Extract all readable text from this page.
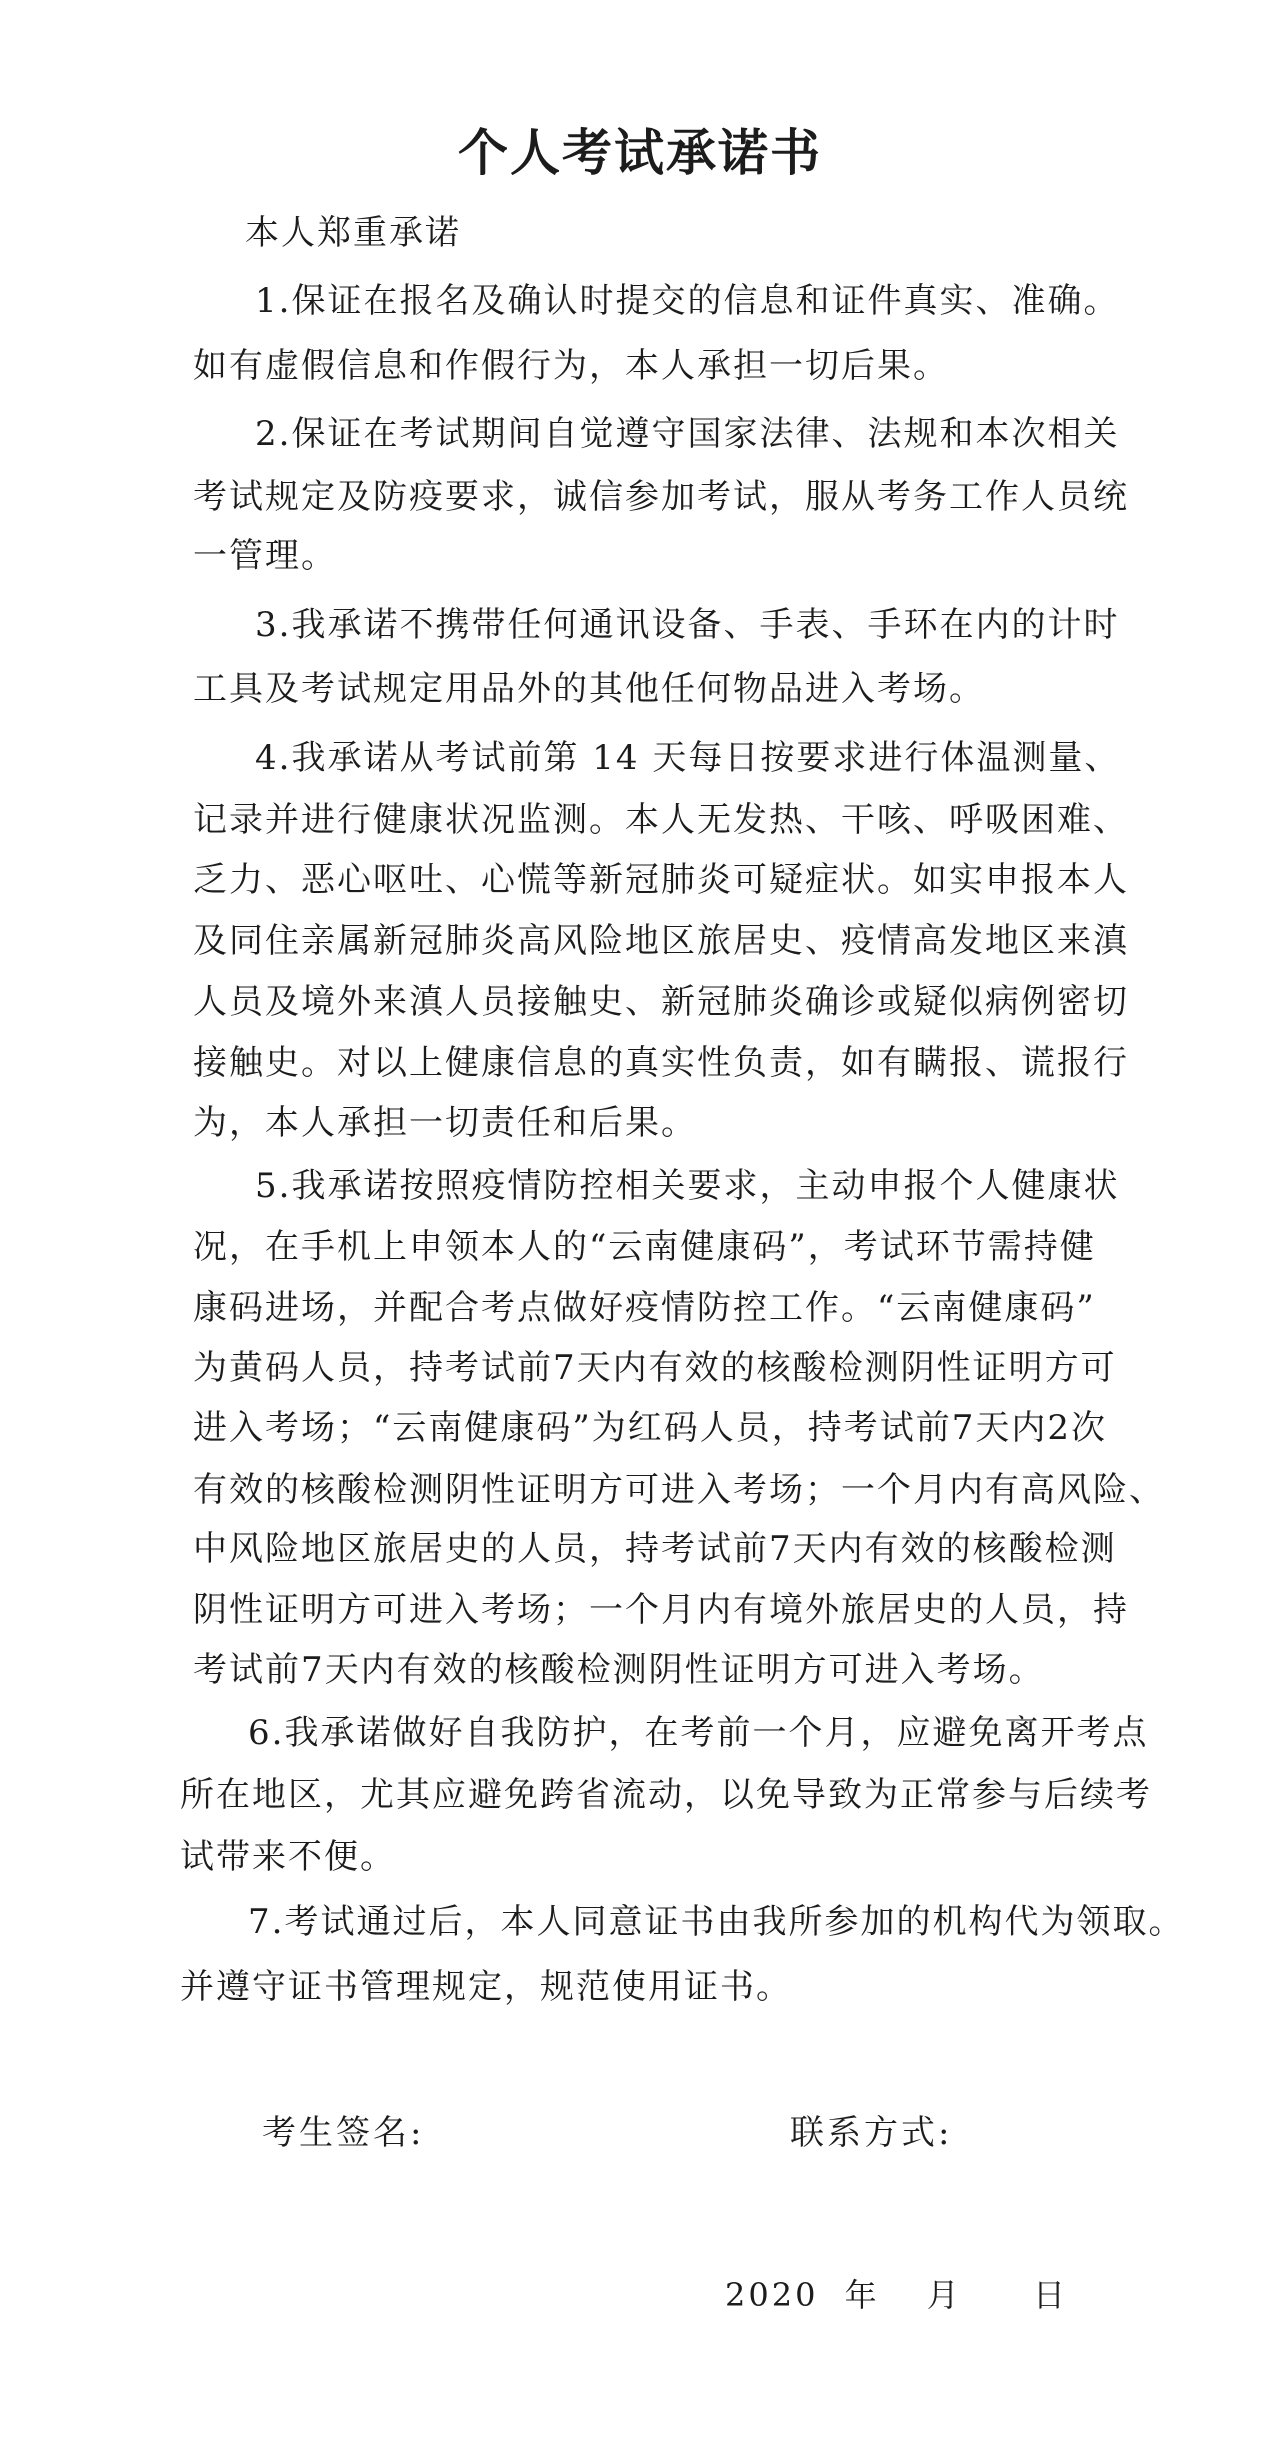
个人考试承诺书
本人郑重承诺
1.保证在报名及确认时提交的信息和证件真实、准确。
如有虚假信息和作假行为，本人承担一切后果。
2.保证在考试期间自觉遵守国家法律、法规和本次相关
考试规定及防疫要求，诚信参加考试，服从考务工作人员统
一管理。
3.我承诺不携带任何通讯设备、手表、手环在内的计时
工具及考试规定用品外的其他任何物品进入考场。
4.我承诺从考试前第 14 天每日按要求进行体温测量、
记录并进行健康状况监测。本人无发热、干咳、呼吸困难、
乏力、恶心呕吐、心慌等新冠肺炎可疑症状。如实申报本人
及同住亲属新冠肺炎高风险地区旅居史、疫情高发地区来滇
人员及境外来滇人员接触史、新冠肺炎确诊或疑似病例密切
接触史。对以上健康信息的真实性负责，如有瞒报、谎报行
为，本人承担一切责任和后果。
5.我承诺按照疫情防控相关要求，主动申报个人健康状
况，在手机上申领本人的“云南健康码”，考试环节需持健
康码进场，并配合考点做好疫情防控工作。“云南健康码”
为黄码人员，持考试前7天内有效的核酸检测阴性证明方可
进入考场；“云南健康码”为红码人员，持考试前7天内2次
有效的核酸检测阴性证明方可进入考场；一个月内有高风险、
中风险地区旅居史的人员，持考试前7天内有效的核酸检测
阴性证明方可进入考场；一个月内有境外旅居史的人员，持
考试前7天内有效的核酸检测阴性证明方可进入考场。
6.我承诺做好自我防护，在考前一个月，应避免离开考点
所在地区，尤其应避免跨省流动，以免导致为正常参与后续考
试带来不便。
7.考试通过后，本人同意证书由我所参加的机构代为领取。
并遵守证书管理规定，规范使用证书。
考生签名:	联系方式:
2020 年 月 日
